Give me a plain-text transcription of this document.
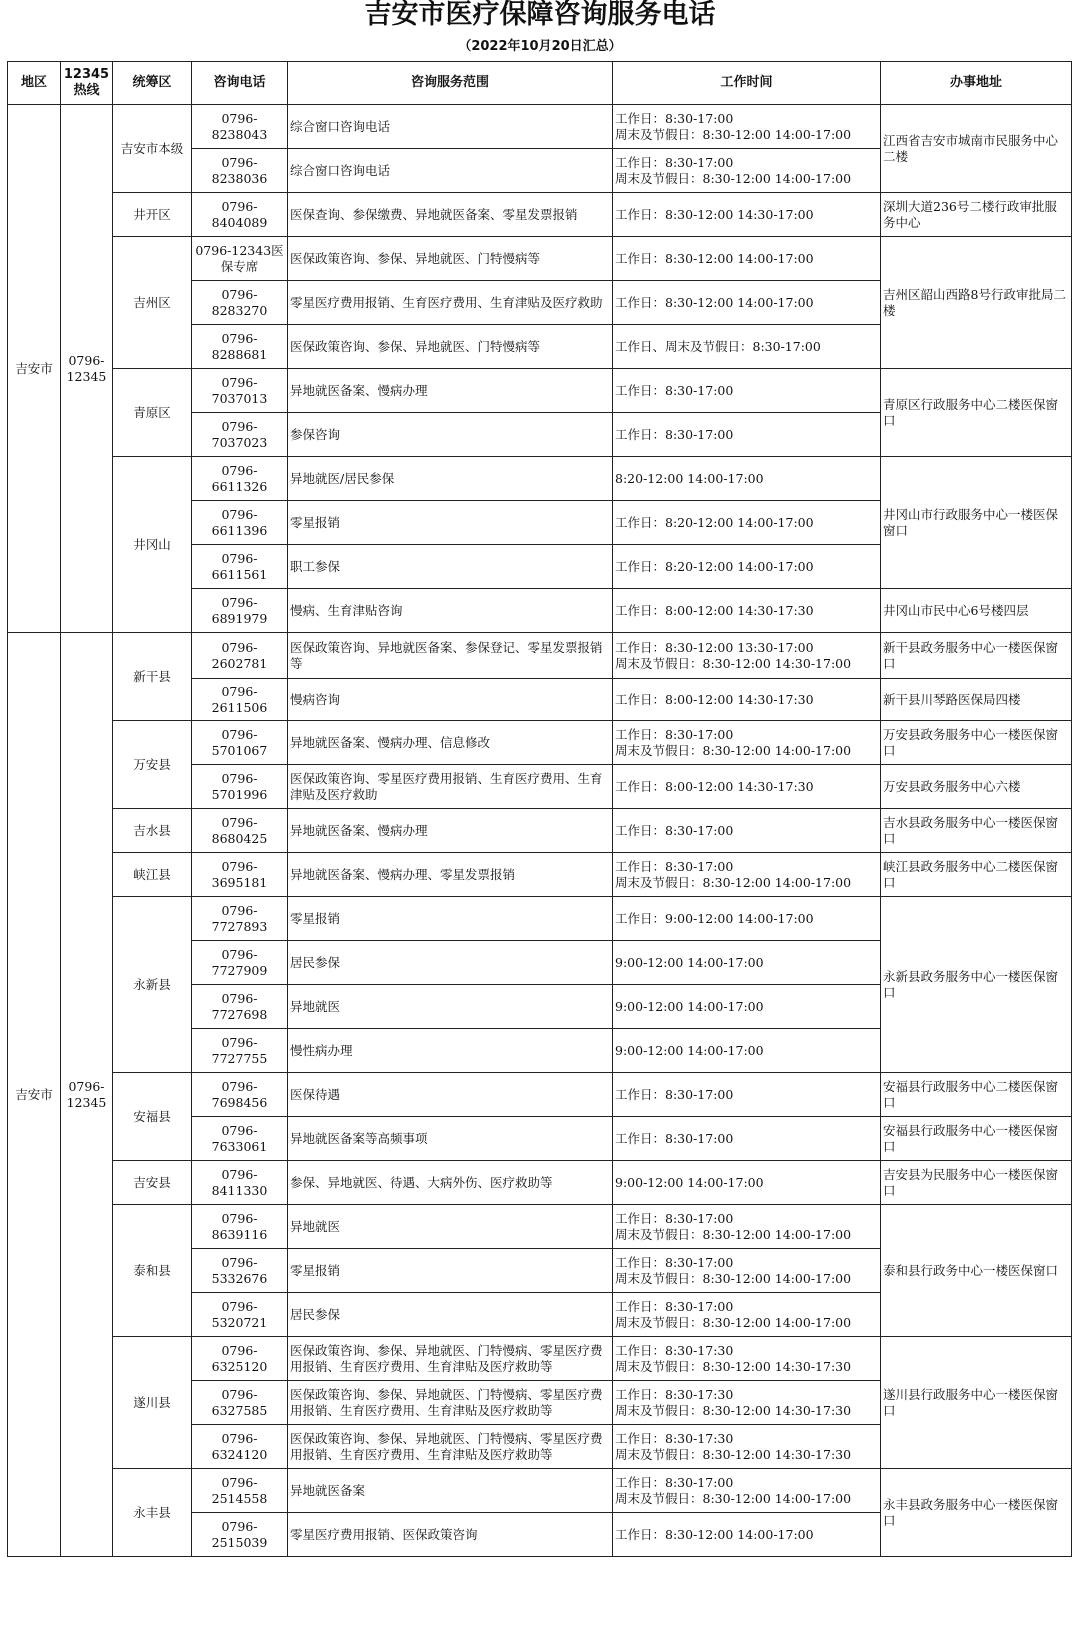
吉安市医疗保障咨询服务电话
（2022年10月20日汇总）
地区	12345热线	统筹区	咨询电话	咨询服务范围	工作时间	办事地址
吉安市	0796-12345	吉安市本级	0796-8238043	综合窗口咨询电话	工作日：8:30-17:00
周末及节假日：8:30-12:00 14:00-17:00	江西省吉安市城南市民服务中心二楼
			0796-8238036	综合窗口咨询电话	工作日：8:30-17:00
周末及节假日：8:30-12:00 14:00-17:00	
		井开区	0796-8404089	医保查询、参保缴费、异地就医备案、零星发票报销	工作日：8:30-12:00 14:30-17:00	深圳大道236号二楼行政审批服务中心
		吉州区	0796-12343医保专席	医保政策咨询、参保、异地就医、门特慢病等	工作日：8:30-12:00 14:00-17:00	吉州区韶山西路8号行政审批局二楼
			0796-8283270	零星医疗费用报销、生育医疗费用、生育津贴及医疗救助	工作日：8:30-12:00 14:00-17:00	
			0796-8288681	医保政策咨询、参保、异地就医、门特慢病等	工作日、周末及节假日：8:30-17:00	
		青原区	0796-7037013	异地就医备案、慢病办理	工作日：8:30-17:00	青原区行政服务中心二楼医保窗口
			0796-7037023	参保咨询	工作日：8:30-17:00	
		井冈山	0796-6611326	异地就医/居民参保	8:20-12:00 14:00-17:00	井冈山市行政服务中心一楼医保窗口
			0796-6611396	零星报销	工作日：8:20-12:00 14:00-17:00	
			0796-6611561	职工参保	工作日：8:20-12:00 14:00-17:00	
			0796-6891979	慢病、生育津贴咨询	工作日：8:00-12:00 14:30-17:30	井冈山市民中心6号楼四层
吉安市	0796-12345	新干县	0796-2602781	医保政策咨询、异地就医备案、参保登记、零星发票报销等	工作日：8:30-12:00 13:30-17:00
周末及节假日：8:30-12:00 14:30-17:00	新干县政务服务中心一楼医保窗口
			0796-2611506	慢病咨询	工作日：8:00-12:00 14:30-17:30	新干县川琴路医保局四楼
		万安县	0796-5701067	异地就医备案、慢病办理、信息修改	工作日：8:30-17:00
周末及节假日：8:30-12:00 14:00-17:00	万安县政务服务中心一楼医保窗口
			0796-5701996	医保政策咨询、零星医疗费用报销、生育医疗费用、生育津贴及医疗救助	工作日：8:00-12:00 14:30-17:30	万安县政务服务中心六楼
		吉水县	0796-8680425	异地就医备案、慢病办理	工作日：8:30-17:00	吉水县政务服务中心一楼医保窗口
		峡江县	0796-3695181	异地就医备案、慢病办理、零星发票报销	工作日：8:30-17:00
周末及节假日：8:30-12:00 14:00-17:00	峡江县政务服务中心二楼医保窗口
		永新县	0796-7727893	零星报销	工作日：9:00-12:00 14:00-17:00	永新县政务服务中心一楼医保窗口
			0796-7727909	居民参保	9:00-12:00 14:00-17:00	
			0796-7727698	异地就医	9:00-12:00 14:00-17:00	
			0796-7727755	慢性病办理	9:00-12:00 14:00-17:00	
		安福县	0796-7698456	医保待遇	工作日：8:30-17:00	安福县行政服务中心二楼医保窗口
			0796-7633061	异地就医备案等高频事项	工作日：8:30-17:00	安福县行政服务中心一楼医保窗口
		吉安县	0796-8411330	参保、异地就医、待遇、大病外伤、医疗救助等	9:00-12:00 14:00-17:00	吉安县为民服务中心一楼医保窗口
		泰和县	0796-8639116	异地就医	工作日：8:30-17:00
周末及节假日：8:30-12:00 14:00-17:00	泰和县行政务中心一楼医保窗口
			0796-5332676	零星报销	工作日：8:30-17:00
周末及节假日：8:30-12:00 14:00-17:00	
			0796-5320721	居民参保	工作日：8:30-17:00
周末及节假日：8:30-12:00 14:00-17:00	
		遂川县	0796-6325120	医保政策咨询、参保、异地就医、门特慢病、零星医疗费用报销、生育医疗费用、生育津贴及医疗救助等	工作日：8:30-17:30
周末及节假日：8:30-12:00 14:30-17:30	遂川县行政服务中心一楼医保窗口
			0796-6327585	医保政策咨询、参保、异地就医、门特慢病、零星医疗费用报销、生育医疗费用、生育津贴及医疗救助等	工作日：8:30-17:30
周末及节假日：8:30-12:00 14:30-17:30	
			0796-6324120	医保政策咨询、参保、异地就医、门特慢病、零星医疗费用报销、生育医疗费用、生育津贴及医疗救助等	工作日：8:30-17:30
周末及节假日：8:30-12:00 14:30-17:30	
		永丰县	0796-2514558	异地就医备案	工作日：8:30-17:00
周末及节假日：8:30-12:00 14:00-17:00	永丰县政务服务中心一楼医保窗口
			0796-2515039	零星医疗费用报销、医保政策咨询	工作日：8:30-12:00 14:00-17:00	
